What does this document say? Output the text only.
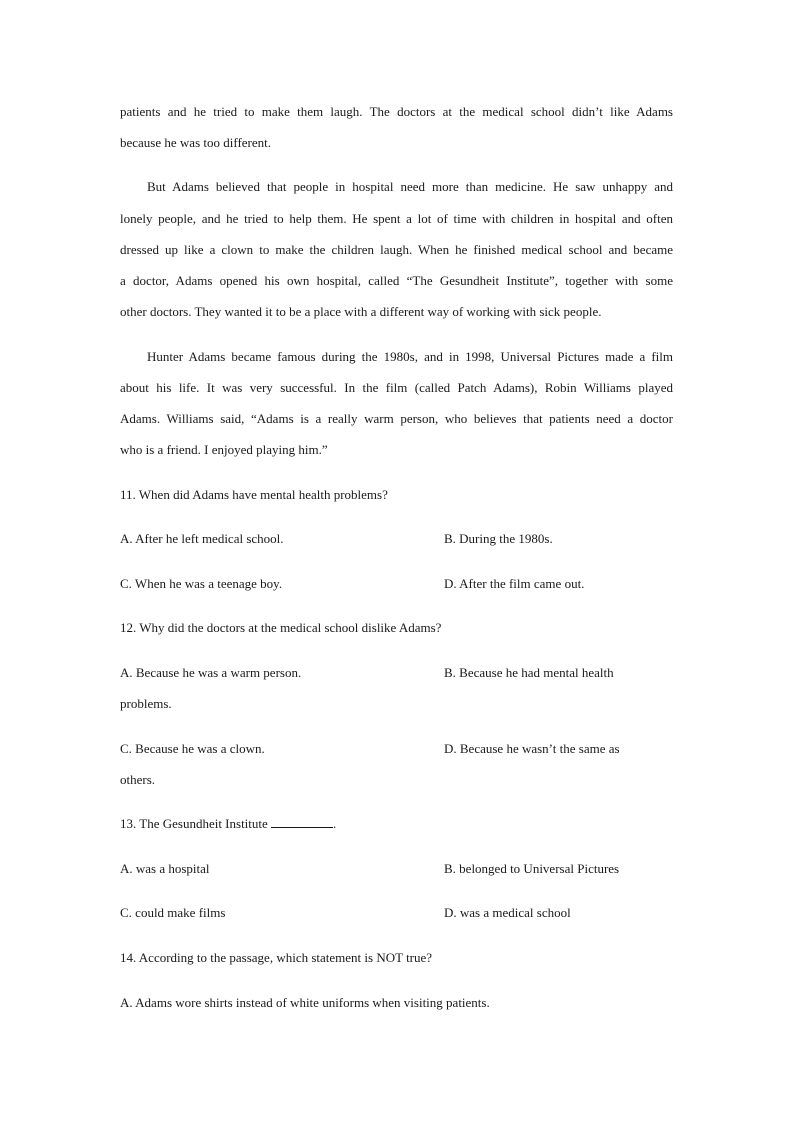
patients and he tried to make them laugh. The doctors at the medical school didn’t like Adams
because he was too different.
But Adams believed that people in hospital need more than medicine. He saw unhappy and
lonely people, and he tried to help them. He spent a lot of time with children in hospital and often
dressed up like a clown to make the children laugh. When he finished medical school and became
a doctor, Adams opened his own hospital, called “The Gesundheit Institute”, together with some
other doctors. They wanted it to be a place with a different way of working with sick people.
Hunter Adams became famous during the 1980s, and in 1998, Universal Pictures made a film
about his life. It was very successful. In the film (called Patch Adams), Robin Williams played
Adams. Williams said, “Adams is a really warm person, who believes that patients need a doctor
who is a friend. I enjoyed playing him.”
11. When did Adams have mental health problems?
A. After he left medical school.	B. During the 1980s.
C. When he was a teenage boy.	D. After the film came out.
12. Why did the doctors at the medical school dislike Adams?
A. Because he was a warm person.	B. Because he had mental health
problems.
C. Because he was a clown.	D. Because he wasn’t the same as
others.
13. The Gesundheit Institute	.
A. was a hospital	B. belonged to Universal Pictures
C. could make films	D. was a medical school
14. According to the passage, which statement is NOT true?
A. Adams wore shirts instead of white uniforms when visiting patients.
